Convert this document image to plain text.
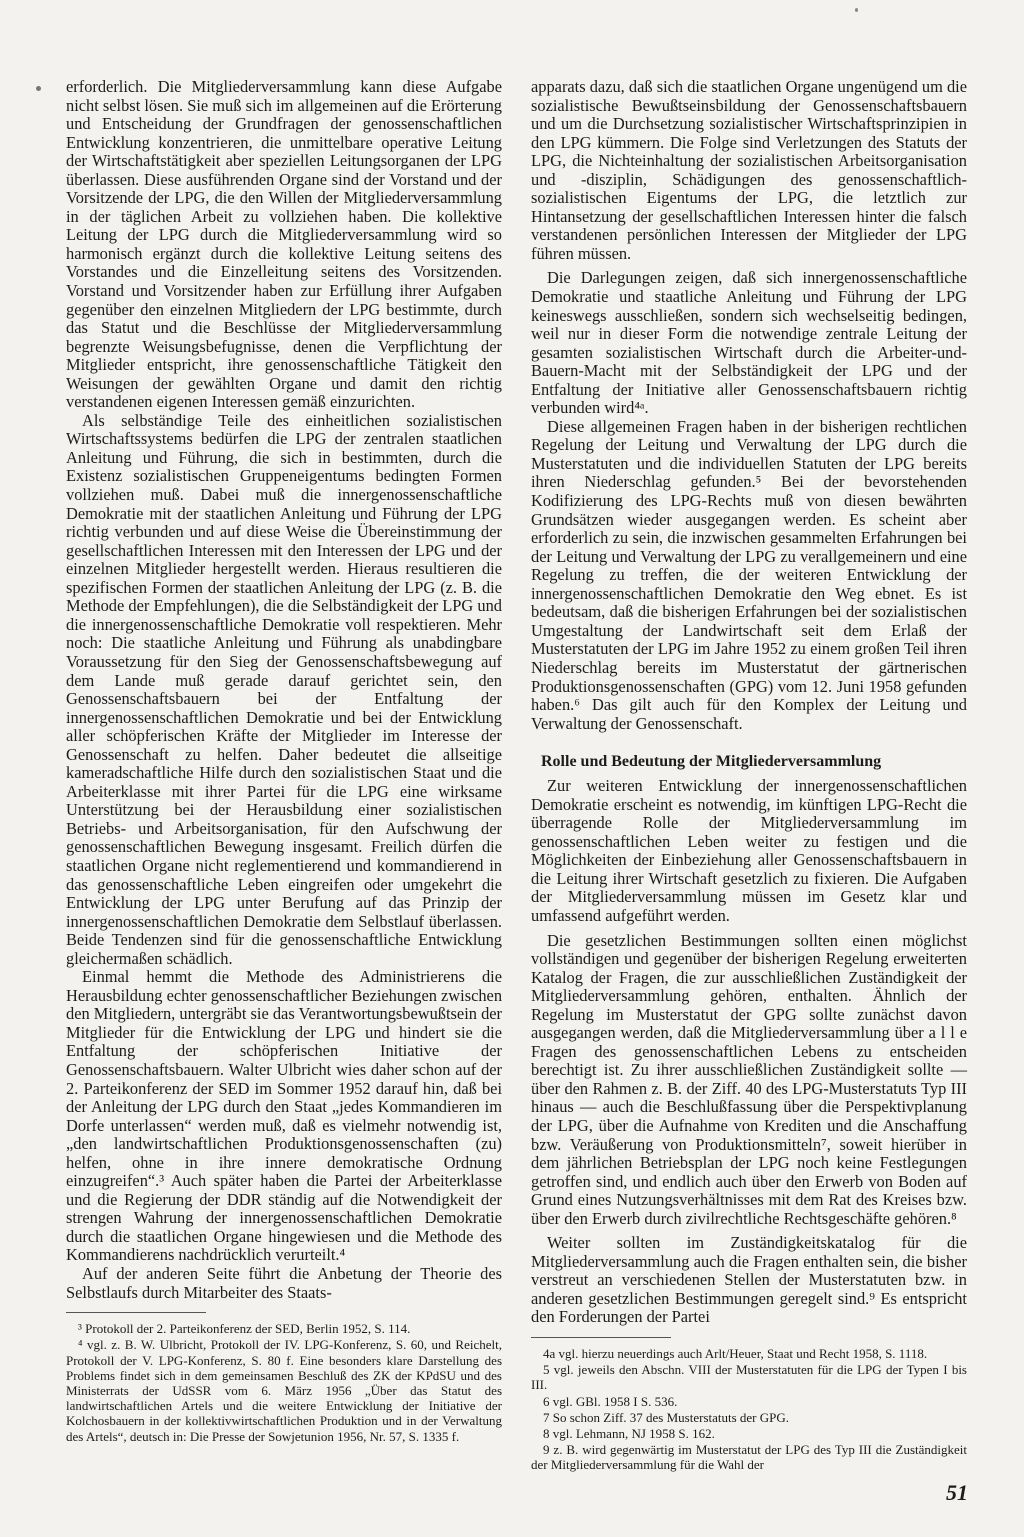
erforderlich. Die Mitgliederversammlung kann diese Aufgabe nicht selbst lösen. Sie muß sich im allgemeinen auf die Erörterung und Entscheidung der Grundfragen der genossenschaftlichen Entwicklung konzentrieren, die unmittelbare operative Leitung der Wirtschaftstätigkeit aber speziellen Leitungsorganen der LPG überlassen. Diese ausführenden Organe sind der Vorstand und der Vorsitzende der LPG, die den Willen der Mitgliederversammlung in der täglichen Arbeit zu vollziehen haben. Die kollektive Leitung der LPG durch die Mitgliederversammlung wird so harmonisch ergänzt durch die kollektive Leitung seitens des Vorstandes und die Einzelleitung seitens des Vorsitzenden. Vorstand und Vorsitzender haben zur Erfüllung ihrer Aufgaben gegenüber den einzelnen Mitgliedern der LPG bestimmte, durch das Statut und die Beschlüsse der Mitgliederversammlung begrenzte Weisungsbefugnisse, denen die Verpflichtung der Mitglieder entspricht, ihre genossenschaftliche Tätigkeit den Weisungen der gewählten Organe und damit den richtig verstandenen eigenen Interessen gemäß einzurichten.

Als selbständige Teile des einheitlichen sozialistischen Wirtschaftssystems bedürfen die LPG der zentralen staatlichen Anleitung und Führung, die sich in bestimmten, durch die Existenz sozialistischen Gruppeneigentums bedingten Formen vollziehen muß. Dabei muß die innergenossenschaftliche Demokratie mit der staatlichen Anleitung und Führung der LPG richtig verbunden und auf diese Weise die Übereinstimmung der gesellschaftlichen Interessen mit den Interessen der LPG und der einzelnen Mitglieder hergestellt werden. Hieraus resultieren die spezifischen Formen der staatlichen Anleitung der LPG (z. B. die Methode der Empfehlungen), die die Selbständigkeit der LPG und die innergenossenschaftliche Demokratie voll respektieren. Mehr noch: Die staatliche Anleitung und Führung als unabdingbare Voraussetzung für den Sieg der Genossenschaftsbewegung auf dem Lande muß gerade darauf gerichtet sein, den Genossenschaftsbauern bei der Entfaltung der innergenossenschaftlichen Demokratie und bei der Entwicklung aller schöpferischen Kräfte der Mitglieder im Interesse der Genossenschaft zu helfen. Daher bedeutet die allseitige kameradschaftliche Hilfe durch den sozialistischen Staat und die Arbeiterklasse mit ihrer Partei für die LPG eine wirksame Unterstützung bei der Herausbildung einer sozialistischen Betriebs- und Arbeitsorganisation, für den Aufschwung der genossenschaftlichen Bewegung insgesamt. Freilich dürfen die staatlichen Organe nicht reglementierend und kommandierend in das genossenschaftliche Leben eingreifen oder umgekehrt die Entwicklung der LPG unter Berufung auf das Prinzip der innergenossenschaftlichen Demokratie dem Selbstlauf überlassen. Beide Tendenzen sind für die genossenschaftliche Entwicklung gleichermaßen schädlich.

Einmal hemmt die Methode des Administrierens die Herausbildung echter genossenschaftlicher Beziehungen zwischen den Mitgliedern, untergräbt sie das Verantwortungsbewußtsein der Mitglieder für die Entwicklung der LPG und hindert sie die Entfaltung der schöpferischen Initiative der Genossenschaftsbauern. Walter Ulbricht wies daher schon auf der 2. Parteikonferenz der SED im Sommer 1952 darauf hin, daß bei der Anleitung der LPG durch den Staat „jedes Kommandieren im Dorfe unterlassen“ werden muß, daß es vielmehr notwendig ist, „den landwirtschaftlichen Produktionsgenossenschaften (zu) helfen, ohne in ihre innere demokratische Ordnung einzugreifen“.³ Auch später haben die Partei der Arbeiterklasse und die Regierung der DDR ständig auf die Notwendigkeit der strengen Wahrung der innergenossenschaftlichen Demokratie durch die staatlichen Organe hingewiesen und die Methode des Kommandierens nachdrücklich verurteilt.⁴

Auf der anderen Seite führt die Anbetung der Theorie des Selbstlaufs durch Mitarbeiter des Staats-

³ Protokoll der 2. Parteikonferenz der SED, Berlin 1952, S. 114.

⁴ vgl. z. B. W. Ulbricht, Protokoll der IV. LPG-Konferenz, S. 60, und Reichelt, Protokoll der V. LPG-Konferenz, S. 80 f. Eine besonders klare Darstellung des Problems findet sich in dem gemeinsamen Beschluß des ZK der KPdSU und des Ministerrats der UdSSR vom 6. März 1956 „Über das Statut des landwirtschaftlichen Artels und die weitere Entwicklung der Initiative der Kolchosbauern in der kollektivwirtschaftlichen Produktion und in der Verwaltung des Artels“, deutsch in: Die Presse der Sowjetunion 1956, Nr. 57, S. 1335 f.

apparats dazu, daß sich die staatlichen Organe ungenügend um die sozialistische Bewußtseinsbildung der Genossenschaftsbauern und um die Durchsetzung sozialistischer Wirtschaftsprinzipien in den LPG kümmern. Die Folge sind Verletzungen des Statuts der LPG, die Nichteinhaltung der sozialistischen Arbeitsorganisation und -disziplin, Schädigungen des genossenschaftlich-sozialistischen Eigentums der LPG, die letztlich zur Hintansetzung der gesellschaftlichen Interessen hinter die falsch verstandenen persönlichen Interessen der Mitglieder der LPG führen müssen.

Die Darlegungen zeigen, daß sich innergenossenschaftliche Demokratie und staatliche Anleitung und Führung der LPG keineswegs ausschließen, sondern sich wechselseitig bedingen, weil nur in dieser Form die notwendige zentrale Leitung der gesamten sozialistischen Wirtschaft durch die Arbeiter-und-Bauern-Macht mit der Selbständigkeit der LPG und der Entfaltung der Initiative aller Genossenschaftsbauern richtig verbunden wird⁴ᵃ.

Diese allgemeinen Fragen haben in der bisherigen rechtlichen Regelung der Leitung und Verwaltung der LPG durch die Musterstatuten und die individuellen Statuten der LPG bereits ihren Niederschlag gefunden.⁵ Bei der bevorstehenden Kodifizierung des LPG-Rechts muß von diesen bewährten Grundsätzen wieder ausgegangen werden. Es scheint aber erforderlich zu sein, die inzwischen gesammelten Erfahrungen bei der Leitung und Verwaltung der LPG zu verallgemeinern und eine Regelung zu treffen, die der weiteren Entwicklung der innergenossenschaftlichen Demokratie den Weg ebnet. Es ist bedeutsam, daß die bisherigen Erfahrungen bei der sozialistischen Umgestaltung der Landwirtschaft seit dem Erlaß der Musterstatuten der LPG im Jahre 1952 zu einem großen Teil ihren Niederschlag bereits im Musterstatut der gärtnerischen Produktionsgenossenschaften (GPG) vom 12. Juni 1958 gefunden haben.⁶ Das gilt auch für den Komplex der Leitung und Verwaltung der Genossenschaft.

Rolle und Bedeutung der Mitgliederversammlung

Zur weiteren Entwicklung der innergenossenschaftlichen Demokratie erscheint es notwendig, im künftigen LPG-Recht die überragende Rolle der Mitgliederversammlung im genossenschaftlichen Leben weiter zu festigen und die Möglichkeiten der Einbeziehung aller Genossenschaftsbauern in die Leitung ihrer Wirtschaft gesetzlich zu fixieren. Die Aufgaben der Mitgliederversammlung müssen im Gesetz klar und umfassend aufgeführt werden.

Die gesetzlichen Bestimmungen sollten einen möglichst vollständigen und gegenüber der bisherigen Regelung erweiterten Katalog der Fragen, die zur ausschließlichen Zuständigkeit der Mitgliederversammlung gehören, enthalten. Ähnlich der Regelung im Musterstatut der GPG sollte zunächst davon ausgegangen werden, daß die Mitgliederversammlung über a l l e Fragen des genossenschaftlichen Lebens zu entscheiden berechtigt ist. Zu ihrer ausschließlichen Zuständigkeit sollte — über den Rahmen z. B. der Ziff. 40 des LPG-Musterstatuts Typ III hinaus — auch die Beschlußfassung über die Perspektivplanung der LPG, über die Aufnahme von Krediten und die Anschaffung bzw. Veräußerung von Produktionsmitteln⁷, soweit hierüber in dem jährlichen Betriebsplan der LPG noch keine Festlegungen getroffen sind, und endlich auch über den Erwerb von Boden auf Grund eines Nutzungsverhältnisses mit dem Rat des Kreises bzw. über den Erwerb durch zivilrechtliche Rechtsgeschäfte gehören.⁸

Weiter sollten im Zuständigkeitskatalog für die Mitgliederversammlung auch die Fragen enthalten sein, die bisher verstreut an verschiedenen Stellen der Musterstatuten bzw. in anderen gesetzlichen Bestimmungen geregelt sind.⁹ Es entspricht den Forderungen der Partei

4a vgl. hierzu neuerdings auch Arlt/Heuer, Staat und Recht 1958, S. 1118.

5 vgl. jeweils den Abschn. VIII der Musterstatuten für die LPG der Typen I bis III.

6 vgl. GBl. 1958 I S. 536.

7 So schon Ziff. 37 des Musterstatuts der GPG.

8 vgl. Lehmann, NJ 1958 S. 162.

9 z. B. wird gegenwärtig im Musterstatut der LPG des Typ III die Zuständigkeit der Mitgliederversammlung für die Wahl der

51
